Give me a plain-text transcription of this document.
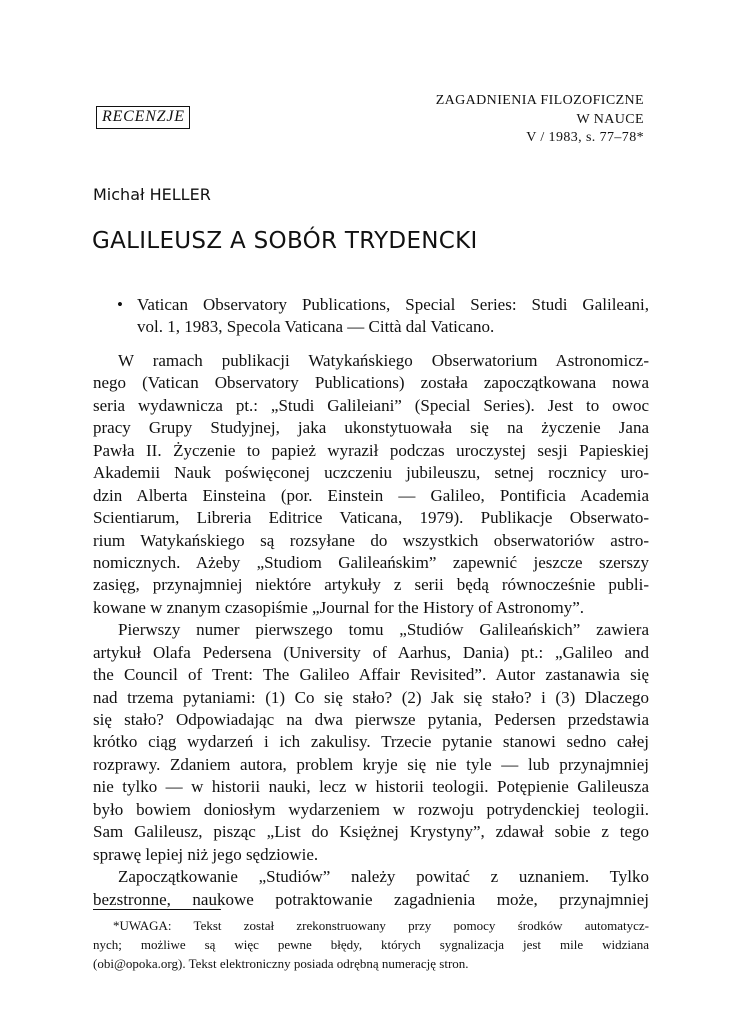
RECENZJE
ZAGADNIENIA FILOZOFICZNE
W NAUCE
V / 1983, s. 77–78*
Michał HELLER
GALILEUSZ A SOBÓR TRYDENCKI
• Vatican Observatory Publications, Special Series: Studi Galileani,
vol. 1, 1983, Specola Vaticana — Città dal Vaticano.
W ramach publikacji Watykańskiego Obserwatorium Astronomicz-
nego (Vatican Observatory Publications) została zapoczątkowana nowa
seria wydawnicza pt.: „Studi Galileiani” (Special Series). Jest to owoc
pracy Grupy Studyjnej, jaka ukonstytuowała się na życzenie Jana
Pawła II. Życzenie to papież wyraził podczas uroczystej sesji Papieskiej
Akademii Nauk poświęconej uczczeniu jubileuszu, setnej rocznicy uro-
dzin Alberta Einsteina (por. Einstein — Galileo, Pontificia Academia
Scientiarum, Libreria Editrice Vaticana, 1979). Publikacje Obserwato-
rium Watykańskiego są rozsyłane do wszystkich obserwatoriów astro-
nomicznych. Ażeby „Studiom Galileańskim” zapewnić jeszcze szerszy
zasięg, przynajmniej niektóre artykuły z serii będą równocześnie publi-
kowane w znanym czasopiśmie „Journal for the History of Astronomy”.
Pierwszy numer pierwszego tomu „Studiów Galileańskich” zawiera
artykuł Olafa Pedersena (University of Aarhus, Dania) pt.: „Galileo and
the Council of Trent: The Galileo Affair Revisited”. Autor zastanawia się
nad trzema pytaniami: (1) Co się stało? (2) Jak się stało? i (3) Dlaczego
się stało? Odpowiadając na dwa pierwsze pytania, Pedersen przedstawia
krótko ciąg wydarzeń i ich zakulisy. Trzecie pytanie stanowi sedno całej
rozprawy. Zdaniem autora, problem kryje się nie tyle — lub przynajmniej
nie tylko — w historii nauki, lecz w historii teologii. Potępienie Galileusza
było bowiem doniosłym wydarzeniem w rozwoju potrydenckiej teologii.
Sam Galileusz, pisząc „List do Księżnej Krystyny”, zdawał sobie z tego
sprawę lepiej niż jego sędziowie.
Zapoczątkowanie „Studiów” należy powitać z uznaniem. Tylko
bezstronne, naukowe potraktowanie zagadnienia może, przynajmniej
*UWAGA: Tekst został zrekonstruowany przy pomocy środków automatycz-
nych; możliwe są więc pewne błędy, których sygnalizacja jest mile widziana
(obi@opoka.org). Tekst elektroniczny posiada odrębną numerację stron.
